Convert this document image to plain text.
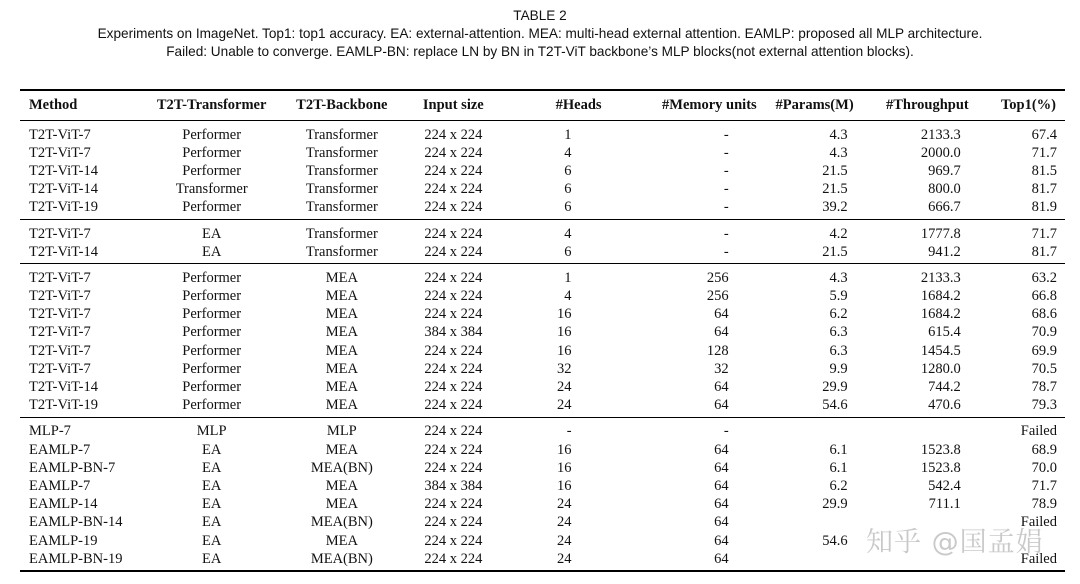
TABLE 2
Experiments on ImageNet. Top1: top1 accuracy. EA: external-attention. MEA: multi-head external attention. EAMLP: proposed all MLP architecture.
Failed: Unable to converge. EAMLP-BN: replace LN by BN in T2T-ViT backbone’s MLP blocks(not external attention blocks).
Method	T2T-Transformer	T2T-Backbone	Input size	#Heads	#Memory units	#Params(M)	#Throughput	Top1(%)
T2T-ViT-7	Performer	Transformer	224 x 224	1	-	4.3	2133.3	67.4
T2T-ViT-7	Performer	Transformer	224 x 224	4	-	4.3	2000.0	71.7
T2T-ViT-14	Performer	Transformer	224 x 224	6	-	21.5	969.7	81.5
T2T-ViT-14	Transformer	Transformer	224 x 224	6	-	21.5	800.0	81.7
T2T-ViT-19	Performer	Transformer	224 x 224	6	-	39.2	666.7	81.9
T2T-ViT-7	EA	Transformer	224 x 224	4	-	4.2	1777.8	71.7
T2T-ViT-14	EA	Transformer	224 x 224	6	-	21.5	941.2	81.7
T2T-ViT-7	Performer	MEA	224 x 224	1	256	4.3	2133.3	63.2
T2T-ViT-7	Performer	MEA	224 x 224	4	256	5.9	1684.2	66.8
T2T-ViT-7	Performer	MEA	224 x 224	16	64	6.2	1684.2	68.6
T2T-ViT-7	Performer	MEA	384 x 384	16	64	6.3	615.4	70.9
T2T-ViT-7	Performer	MEA	224 x 224	16	128	6.3	1454.5	69.9
T2T-ViT-7	Performer	MEA	224 x 224	32	32	9.9	1280.0	70.5
T2T-ViT-14	Performer	MEA	224 x 224	24	64	29.9	744.2	78.7
T2T-ViT-19	Performer	MEA	224 x 224	24	64	54.6	470.6	79.3
MLP-7	MLP	MLP	224 x 224	-	-			Failed
EAMLP-7	EA	MEA	224 x 224	16	64	6.1	1523.8	68.9
EAMLP-BN-7	EA	MEA(BN)	224 x 224	16	64	6.1	1523.8	70.0
EAMLP-7	EA	MEA	384 x 384	16	64	6.2	542.4	71.7
EAMLP-14	EA	MEA	224 x 224	24	64	29.9	711.1	78.9
EAMLP-BN-14	EA	MEA(BN)	224 x 224	24	64			Failed
EAMLP-19	EA	MEA	224 x 224	24	64	54.6		
EAMLP-BN-19	EA	MEA(BN)	224 x 224	24	64			Failed
知乎 @国孟娟
